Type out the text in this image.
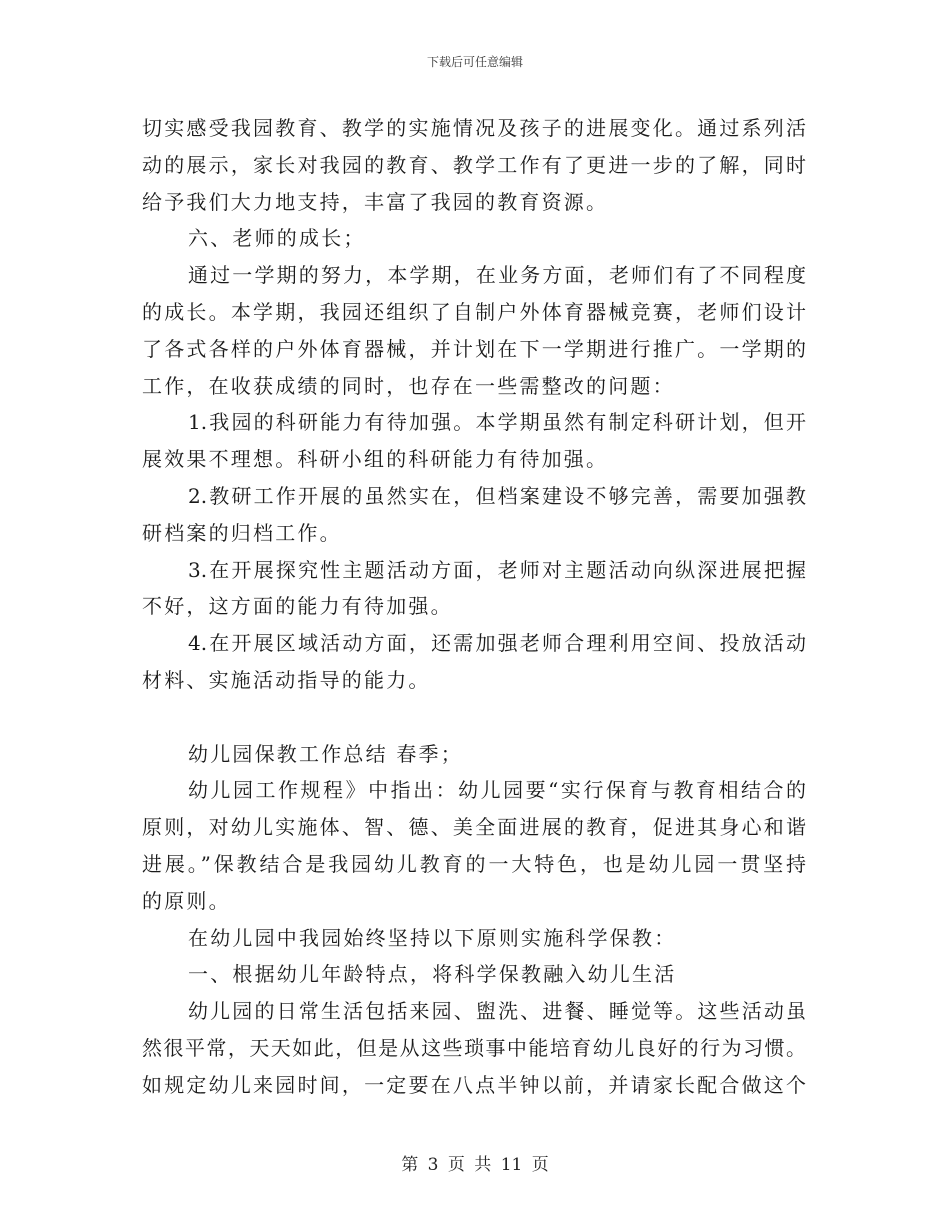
下载后可任意编辑
切实感受我园教育、教学的实施情况及孩子的进展变化。通过系列活
动的展示，家长对我园的教育、教学工作有了更进一步的了解，同时
给予我们大力地支持，丰富了我园的教育资源。
六、老师的成长；
通过一学期的努力，本学期，在业务方面，老师们有了不同程度
的成长。本学期，我园还组织了自制户外体育器械竞赛，老师们设计
了各式各样的户外体育器械，并计划在下一学期进行推广。一学期的
工作，在收获成绩的同时，也存在一些需整改的问题：
1.我园的科研能力有待加强。本学期虽然有制定科研计划，但开
展效果不理想。科研小组的科研能力有待加强。
2.教研工作开展的虽然实在，但档案建设不够完善，需要加强教
研档案的归档工作。
3.在开展探究性主题活动方面，老师对主题活动向纵深进展把握
不好，这方面的能力有待加强。
4.在开展区域活动方面，还需加强老师合理利用空间、投放活动
材料、实施活动指导的能力。
幼儿园保教工作总结 春季；
幼儿园工作规程》中指出：幼儿园要“实行保育与教育相结合的
原则，对幼儿实施体、智、德、美全面进展的教育，促进其身心和谐
进展。”保教结合是我园幼儿教育的一大特色，也是幼儿园一贯坚持
的原则。
在幼儿园中我园始终坚持以下原则实施科学保教：
一、根据幼儿年龄特点，将科学保教融入幼儿生活
幼儿园的日常生活包括来园、盥洗、进餐、睡觉等。这些活动虽
然很平常，天天如此，但是从这些琐事中能培育幼儿良好的行为习惯。
如规定幼儿来园时间，一定要在八点半钟以前，并请家长配合做这个
第 3 页 共 11 页
